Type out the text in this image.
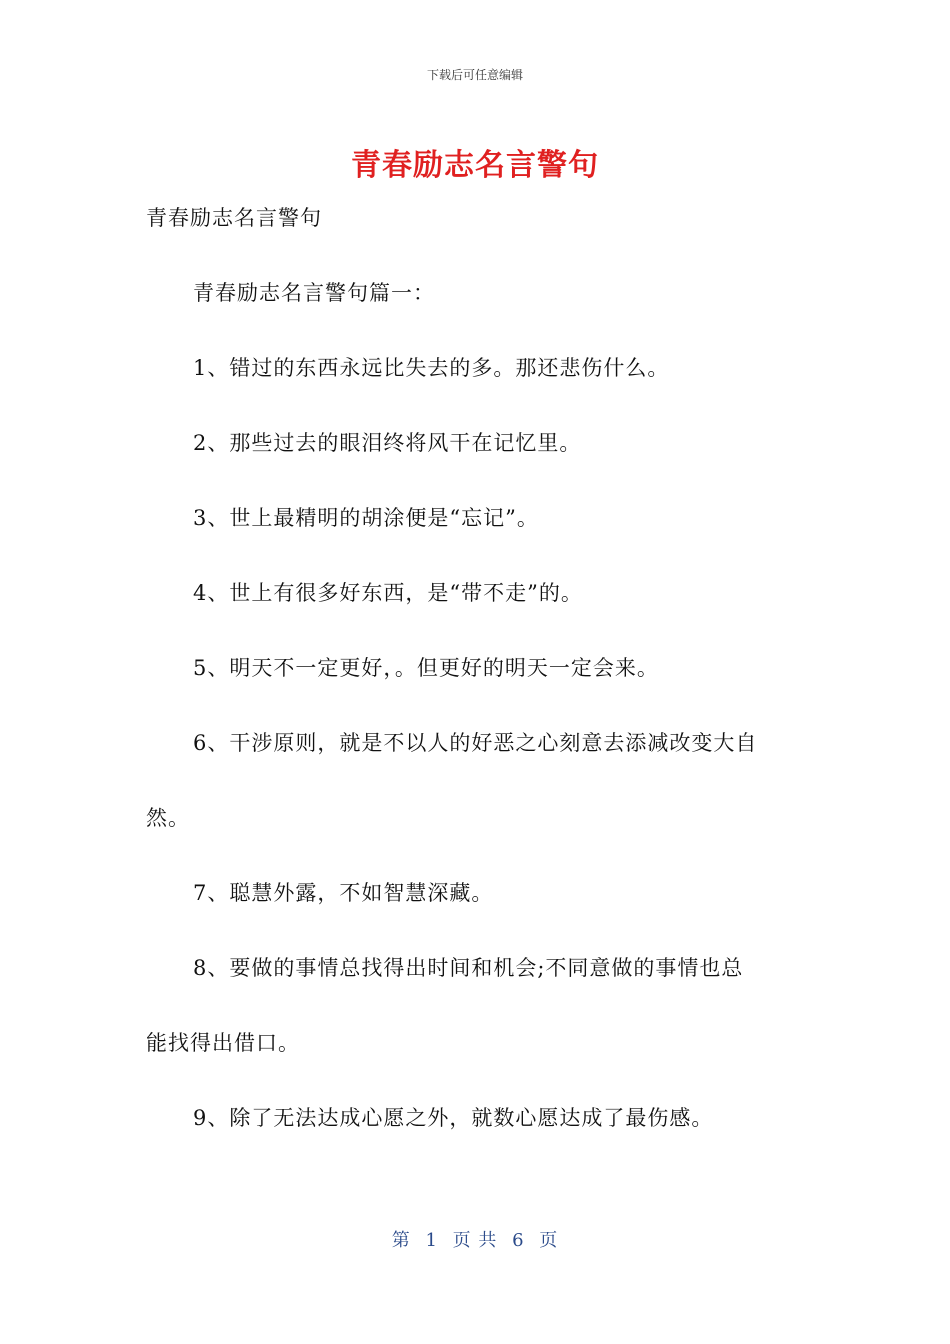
下载后可任意编辑
青春励志名言警句
青春励志名言警句
青春励志名言警句篇一：
1、错过的东西永远比失去的多。那还悲伤什么。
2、那些过去的眼泪终将风干在记忆里。
3、世上最精明的胡涂便是“忘记”。
4、世上有很多好东西，是“带不走”的。
5、明天不一定更好，。但更好的明天一定会来。
6、干涉原则，就是不以人的好恶之心刻意去添减改变大自
然。
7、聪慧外露，不如智慧深藏。
8、要做的事情总找得出时间和机会;不同意做的事情也总
能找得出借口。
9、除了无法达成心愿之外，就数心愿达成了最伤感。
第 1 页 共 6 页
